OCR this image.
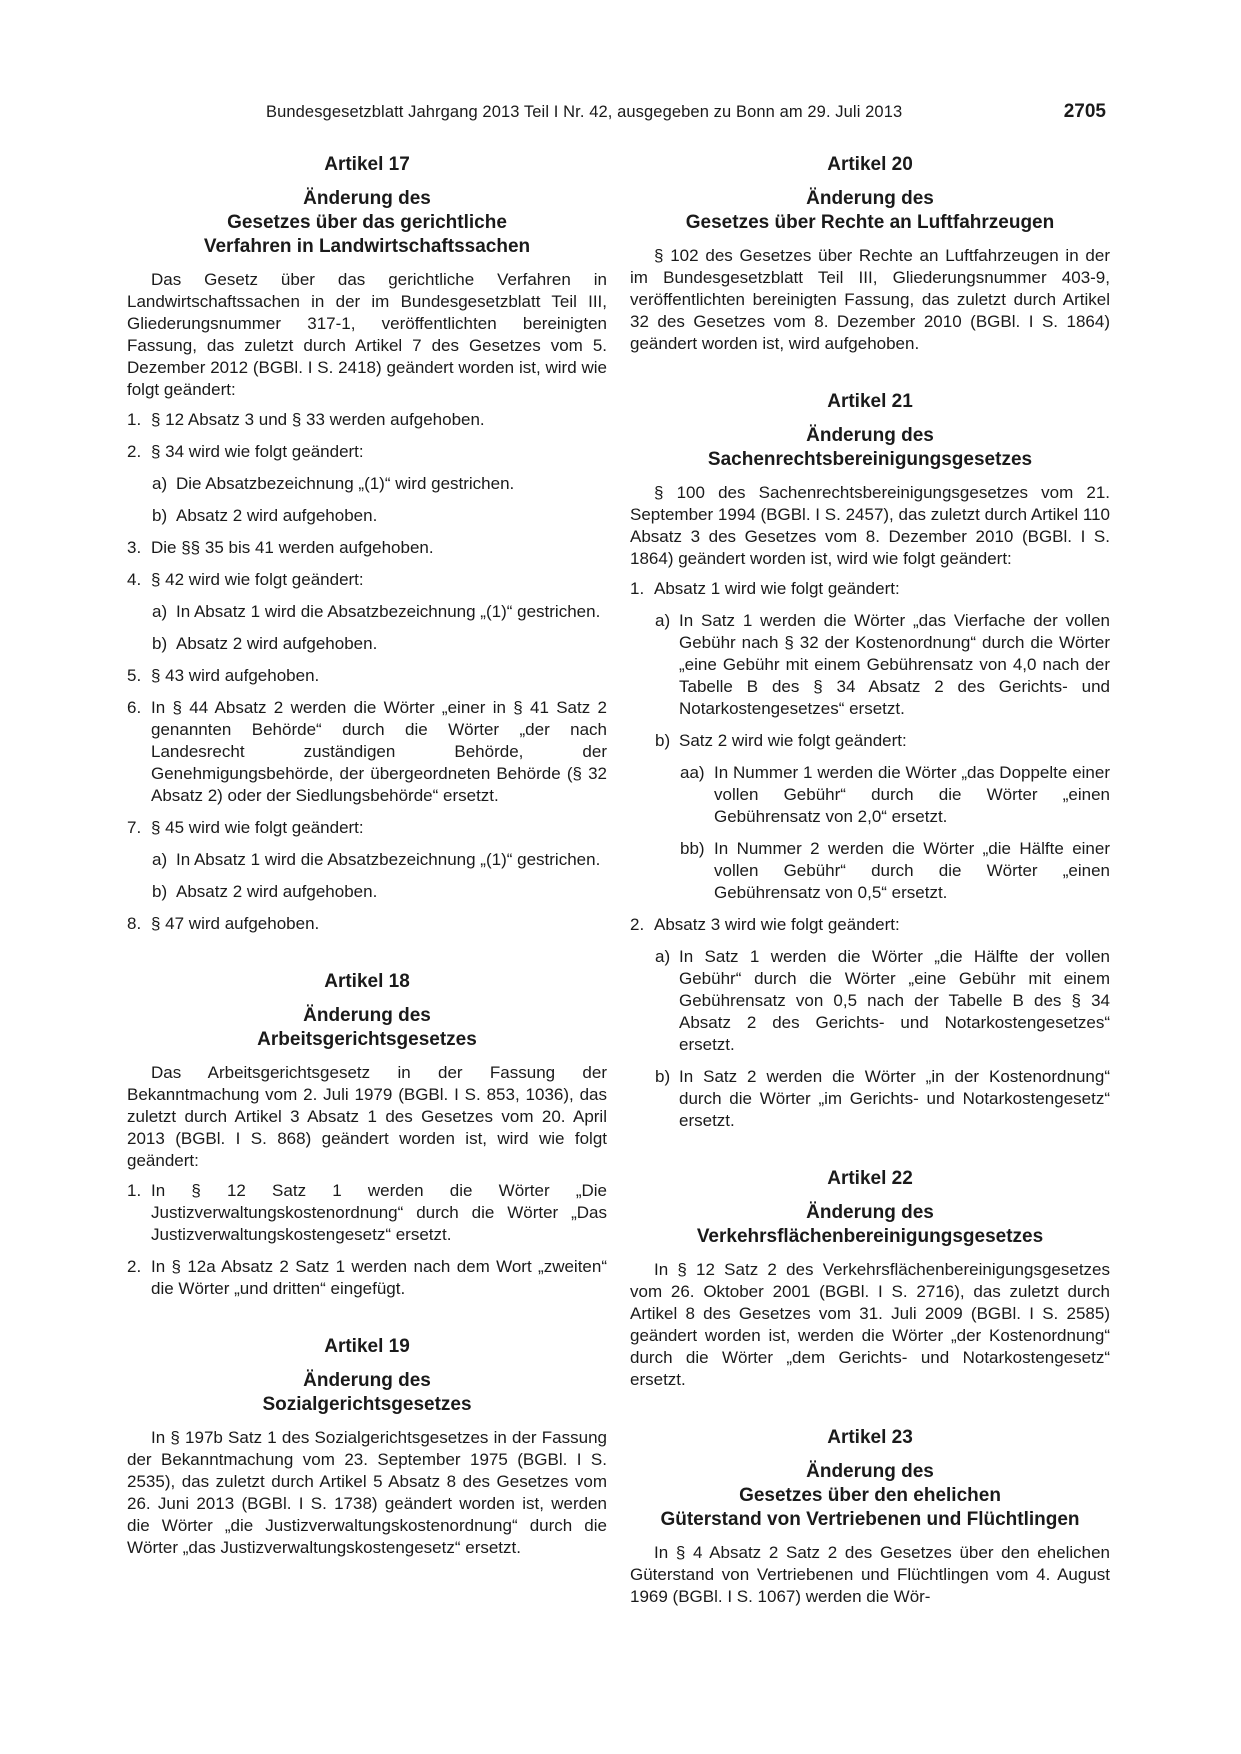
Bundesgesetzblatt Jahrgang 2013 Teil I Nr. 42, ausgegeben zu Bonn am 29. Juli 2013	2705
Artikel 17
Änderung des
Gesetzes über das gerichtliche
Verfahren in Landwirtschaftssachen

Das Gesetz über das gerichtliche Verfahren in Landwirtschaftssachen in der im Bundesgesetzblatt Teil III, Gliederungsnummer 317-1, veröffentlichten bereinigten Fassung, das zuletzt durch Artikel 7 des Gesetzes vom 5. Dezember 2012 (BGBl. I S. 2418) geändert worden ist, wird wie folgt geändert:

1. § 12 Absatz 3 und § 33 werden aufgehoben.
2. § 34 wird wie folgt geändert:
a) Die Absatzbezeichnung „(1)“ wird gestrichen.
b) Absatz 2 wird aufgehoben.
3. Die §§ 35 bis 41 werden aufgehoben.
4. § 42 wird wie folgt geändert:
a) In Absatz 1 wird die Absatzbezeichnung „(1)“ gestrichen.
b) Absatz 2 wird aufgehoben.
5. § 43 wird aufgehoben.
6. In § 44 Absatz 2 werden die Wörter „einer in § 41 Satz 2 genannten Behörde“ durch die Wörter „der nach Landesrecht zuständigen Behörde, der Genehmigungsbehörde, der übergeordneten Behörde (§ 32 Absatz 2) oder der Siedlungsbehörde“ ersetzt.
7. § 45 wird wie folgt geändert:
a) In Absatz 1 wird die Absatzbezeichnung „(1)“ gestrichen.
b) Absatz 2 wird aufgehoben.
8. § 47 wird aufgehoben.
Artikel 18
Änderung des
Arbeitsgerichtsgesetzes

Das Arbeitsgerichtsgesetz in der Fassung der Bekanntmachung vom 2. Juli 1979 (BGBl. I S. 853, 1036), das zuletzt durch Artikel 3 Absatz 1 des Gesetzes vom 20. April 2013 (BGBl. I S. 868) geändert worden ist, wird wie folgt geändert:

1. In § 12 Satz 1 werden die Wörter „Die Justizverwaltungskostenordnung“ durch die Wörter „Das Justizverwaltungskostengesetz“ ersetzt.
2. In § 12a Absatz 2 Satz 1 werden nach dem Wort „zweiten“ die Wörter „und dritten“ eingefügt.
Artikel 19
Änderung des
Sozialgerichtsgesetzes

In § 197b Satz 1 des Sozialgerichtsgesetzes in der Fassung der Bekanntmachung vom 23. September 1975 (BGBl. I S. 2535), das zuletzt durch Artikel 5 Absatz 8 des Gesetzes vom 26. Juni 2013 (BGBl. I S. 1738) geändert worden ist, werden die Wörter „die Justizverwaltungskostenordnung“ durch die Wörter „das Justizverwaltungskostengesetz“ ersetzt.

Artikel 20
Änderung des
Gesetzes über Rechte an Luftfahrzeugen

§ 102 des Gesetzes über Rechte an Luftfahrzeugen in der im Bundesgesetzblatt Teil III, Gliederungsnummer 403-9, veröffentlichten bereinigten Fassung, das zuletzt durch Artikel 32 des Gesetzes vom 8. Dezember 2010 (BGBl. I S. 1864) geändert worden ist, wird aufgehoben.

Artikel 21
Änderung des
Sachenrechtsbereinigungsgesetzes

§ 100 des Sachenrechtsbereinigungsgesetzes vom 21. September 1994 (BGBl. I S. 2457), das zuletzt durch Artikel 110 Absatz 3 des Gesetzes vom 8. Dezember 2010 (BGBl. I S. 1864) geändert worden ist, wird wie folgt geändert:

1. Absatz 1 wird wie folgt geändert:
a) In Satz 1 werden die Wörter „das Vierfache der vollen Gebühr nach § 32 der Kostenordnung“ durch die Wörter „eine Gebühr mit einem Gebührensatz von 4,0 nach der Tabelle B des § 34 Absatz 2 des Gerichts- und Notarkostengesetzes“ ersetzt.
b) Satz 2 wird wie folgt geändert:
aa) In Nummer 1 werden die Wörter „das Doppelte einer vollen Gebühr“ durch die Wörter „einen Gebührensatz von 2,0“ ersetzt.
bb) In Nummer 2 werden die Wörter „die Hälfte einer vollen Gebühr“ durch die Wörter „einen Gebührensatz von 0,5“ ersetzt.
2. Absatz 3 wird wie folgt geändert:
a) In Satz 1 werden die Wörter „die Hälfte der vollen Gebühr“ durch die Wörter „eine Gebühr mit einem Gebührensatz von 0,5 nach der Tabelle B des § 34 Absatz 2 des Gerichts- und Notarkostengesetzes“ ersetzt.
b) In Satz 2 werden die Wörter „in der Kostenordnung“ durch die Wörter „im Gerichts- und Notarkostengesetz“ ersetzt.
Artikel 22
Änderung des
Verkehrsflächenbereinigungsgesetzes

In § 12 Satz 2 des Verkehrsflächenbereinigungsgesetzes vom 26. Oktober 2001 (BGBl. I S. 2716), das zuletzt durch Artikel 8 des Gesetzes vom 31. Juli 2009 (BGBl. I S. 2585) geändert worden ist, werden die Wörter „der Kostenordnung“ durch die Wörter „dem Gerichts- und Notarkostengesetz“ ersetzt.

Artikel 23
Änderung des
Gesetzes über den ehelichen
Güterstand von Vertriebenen und Flüchtlingen

In § 4 Absatz 2 Satz 2 des Gesetzes über den ehelichen Güterstand von Vertriebenen und Flüchtlingen vom 4. August 1969 (BGBl. I S. 1067) werden die Wör-
